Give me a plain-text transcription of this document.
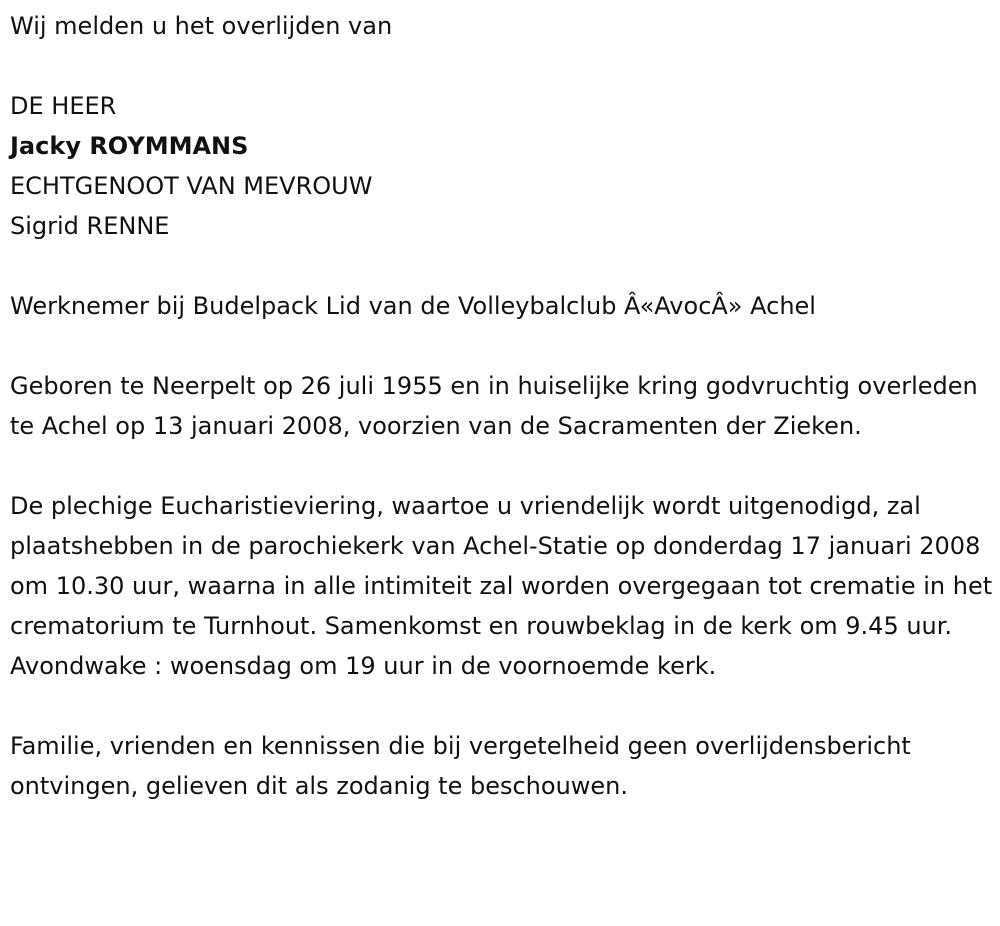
Wij melden u het overlijden van

DE HEER

Jacky ROYMMANS

ECHTGENOOT VAN MEVROUW

Sigrid RENNE

Werknemer bij Budelpack Lid van de Volleybalclub Â«AvocÂ» Achel

Geboren te Neerpelt op 26 juli 1955 en in huiselijke kring godvruchtig overleden te Achel op 13 januari 2008, voorzien van de Sacramenten der Zieken.

De plechige Eucharistieviering, waartoe u vriendelijk wordt uitgenodigd, zal plaatshebben in de parochiekerk van Achel-Statie op donderdag 17 januari 2008 om 10.30 uur, waarna in alle intimiteit zal worden overgegaan tot crematie in het crematorium te Turnhout. Samenkomst en rouwbeklag in de kerk om 9.45 uur. Avondwake : woensdag om 19 uur in de voornoemde kerk.

Familie, vrienden en kennissen die bij vergetelheid geen overlijdensbericht ontvingen, gelieven dit als zodanig te beschouwen.
